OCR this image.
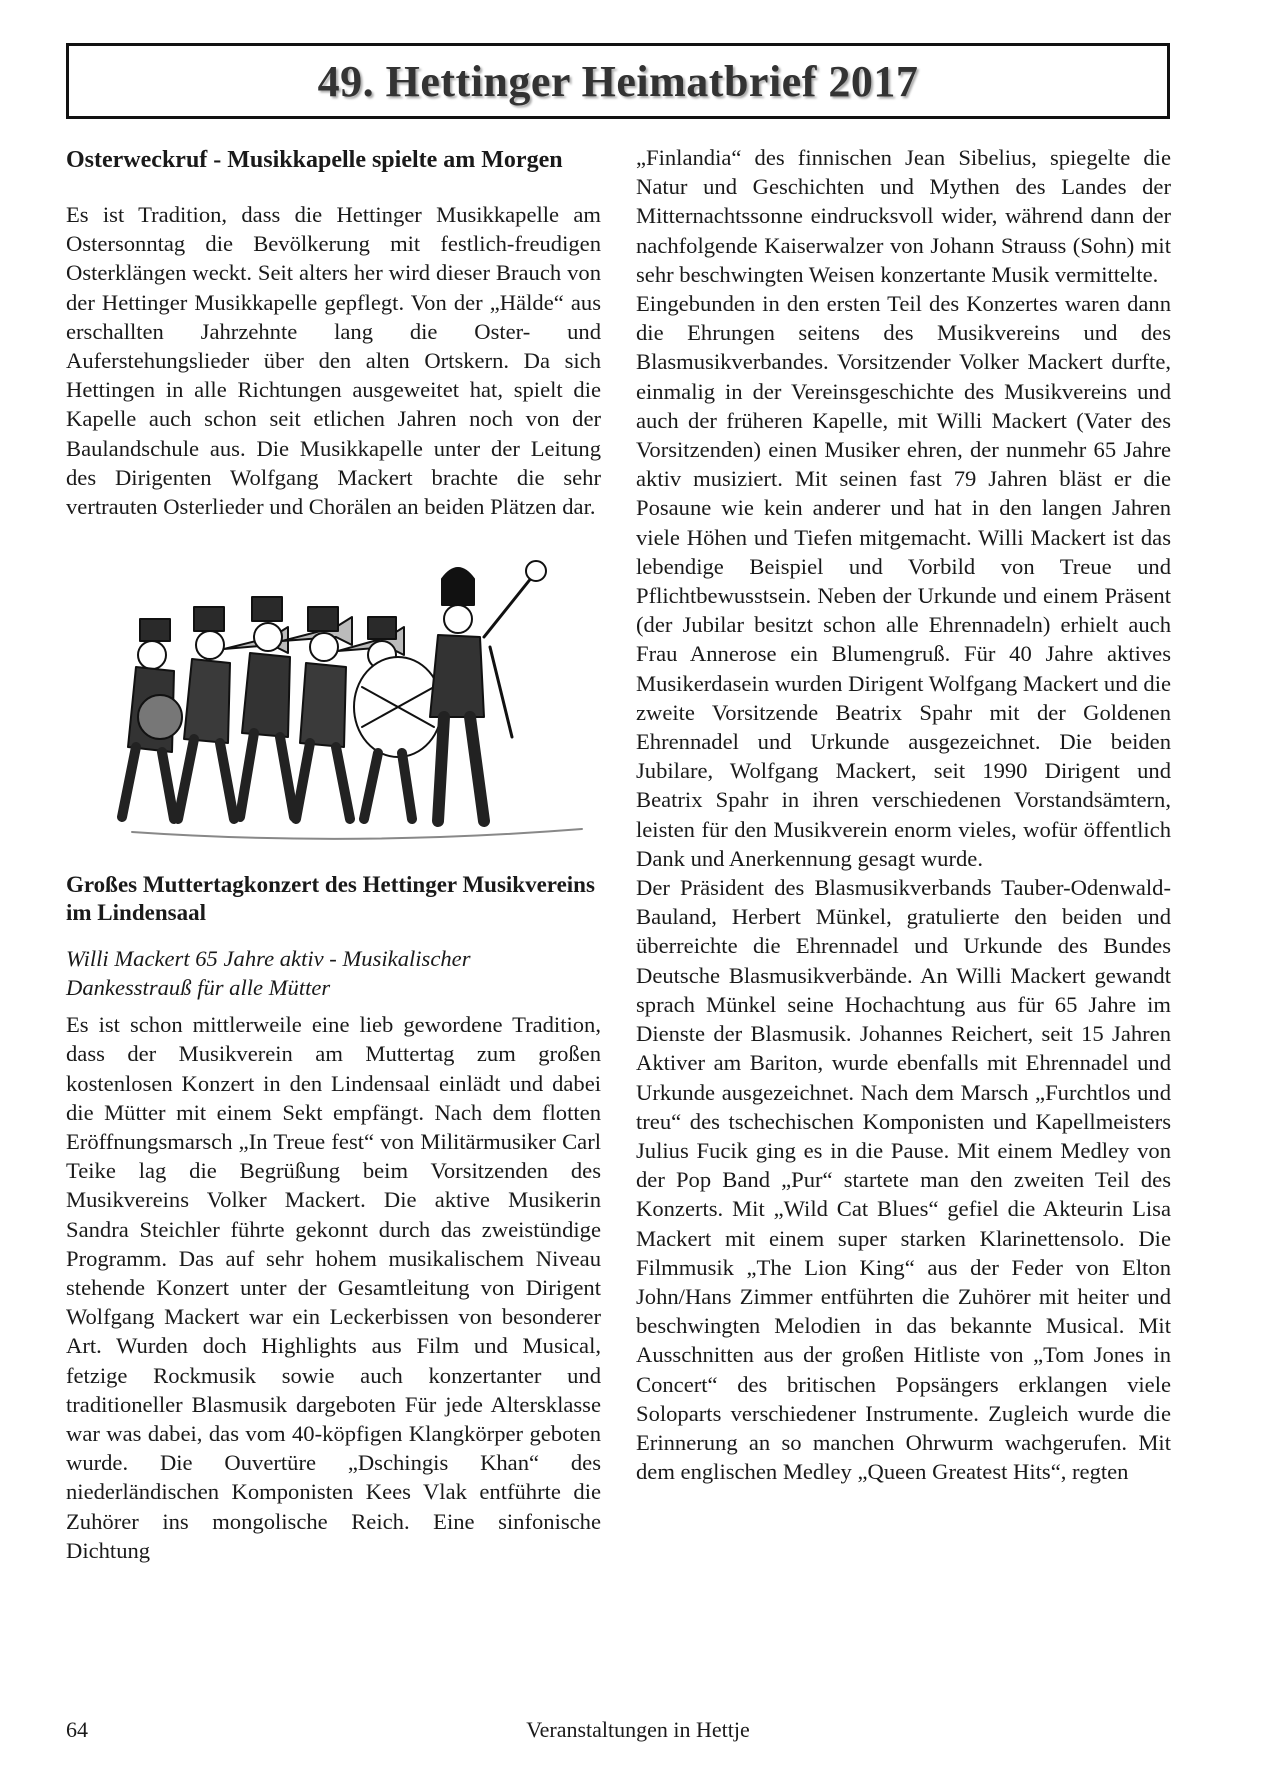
49. Hettinger Heimatbrief 2017
Osterweckruf - Musikkapelle spielte am Morgen

Es ist Tradition, dass die Hettinger Musikkapelle am Ostersonntag die Bevölkerung mit festlich-freudigen Osterklängen weckt. Seit alters her wird dieser Brauch von der Hettinger Musikkapelle gepflegt. Von der „Hälde“ aus erschallten Jahrzehnte lang die Oster- und Auferstehungslieder über den alten Ortskern. Da sich Hettingen in alle Richtungen ausgeweitet hat, spielt die Kapelle auch schon seit etlichen Jahren noch von der Baulandschule aus. Die Musikkapelle unter der Leitung des Dirigenten Wolfgang Mackert brachte die sehr vertrauten Osterlieder und Chorälen an beiden Plätzen dar.

Großes Muttertagkonzert des Hettinger Musikvereins im Lindensaal

Willi Mackert 65 Jahre aktiv - Musikalischer Dankesstrauß für alle Mütter

Es ist schon mittlerweile eine lieb gewordene Tradition, dass der Musikverein am Muttertag zum großen kostenlosen Konzert in den Lindensaal einlädt und dabei die Mütter mit einem Sekt empfängt. Nach dem flotten Eröffnungsmarsch „In Treue fest“ von Militärmusiker Carl Teike lag die Begrüßung beim Vorsitzenden des Musikvereins Volker Mackert. Die aktive Musikerin Sandra Steichler führte gekonnt durch das zweistündige Programm. Das auf sehr hohem musikalischem Niveau stehende Konzert unter der Gesamtleitung von Dirigent Wolfgang Mackert war ein Leckerbissen von besonderer Art. Wurden doch Highlights aus Film und Musical, fetzige Rockmusik sowie auch konzertanter und traditioneller Blasmusik dargeboten Für jede Altersklasse war was dabei, das vom 40-köpfigen Klangkörper geboten wurde. Die Ouvertüre „Dschingis Khan“ des niederländischen Komponisten Kees Vlak entführte die Zuhörer ins mongolische Reich. Eine sinfonische Dichtung

„Finlandia“ des finnischen Jean Sibelius, spiegelte die Natur und Geschichten und Mythen des Landes der Mitternachtssonne eindrucksvoll wider, während dann der nachfolgende Kaiserwalzer von Johann Strauss (Sohn) mit sehr beschwingten Weisen konzertante Musik vermittelte.

Eingebunden in den ersten Teil des Konzertes waren dann die Ehrungen seitens des Musikvereins und des Blasmusikverbandes. Vorsitzender Volker Mackert durfte, einmalig in der Vereinsgeschichte des Musikvereins und auch der früheren Kapelle, mit Willi Mackert (Vater des Vorsitzenden) einen Musiker ehren, der nunmehr 65 Jahre aktiv musiziert. Mit seinen fast 79 Jahren bläst er die Posaune wie kein anderer und hat in den langen Jahren viele Höhen und Tiefen mitgemacht. Willi Mackert ist das lebendige Beispiel und Vorbild von Treue und Pflichtbewusstsein. Neben der Urkunde und einem Präsent (der Jubilar besitzt schon alle Ehrennadeln) erhielt auch Frau Annerose ein Blumengruß. Für 40 Jahre aktives Musikerdasein wurden Dirigent Wolfgang Mackert und die zweite Vorsitzende Beatrix Spahr mit der Goldenen Ehrennadel und Urkunde ausgezeichnet. Die beiden Jubilare, Wolfgang Mackert, seit 1990 Dirigent und Beatrix Spahr in ihren verschiedenen Vorstandsämtern, leisten für den Musikverein enorm vieles, wofür öffentlich Dank und Anerkennung gesagt wurde.

Der Präsident des Blasmusikverbands Tauber-Odenwald-Bauland, Herbert Münkel, gratulierte den beiden und überreichte die Ehrennadel und Urkunde des Bundes Deutsche Blasmusikverbände. An Willi Mackert gewandt sprach Münkel seine Hochachtung aus für 65 Jahre im Dienste der Blasmusik. Johannes Reichert, seit 15 Jahren Aktiver am Bariton, wurde ebenfalls mit Ehrennadel und Urkunde ausgezeichnet. Nach dem Marsch „Furchtlos und treu“ des tschechischen Komponisten und Kapellmeisters Julius Fucik ging es in die Pause. Mit einem Medley von der Pop Band „Pur“ startete man den zweiten Teil des Konzerts. Mit „Wild Cat Blues“ gefiel die Akteurin Lisa Mackert mit einem super starken Klarinettensolo. Die Filmmusik „The Lion King“ aus der Feder von Elton John/Hans Zimmer entführten die Zuhörer mit heiter und beschwingten Melodien in das bekannte Musical. Mit Ausschnitten aus der großen Hitliste von „Tom Jones in Concert“ des britischen Popsängers erklangen viele Soloparts verschiedener Instrumente. Zugleich wurde die Erinnerung an so manchen Ohrwurm wachgerufen. Mit dem englischen Medley „Queen Greatest Hits“, regten

64	Veranstaltungen in Hettje
